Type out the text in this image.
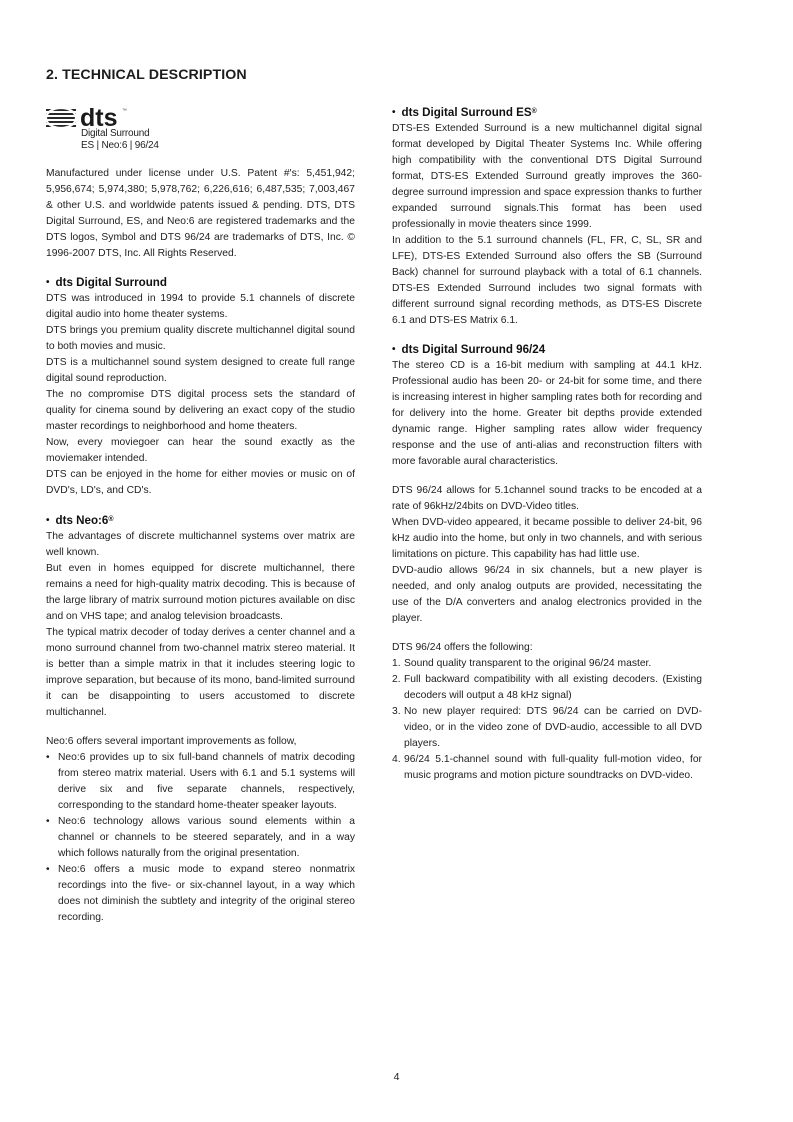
2. TECHNICAL DESCRIPTION
dts ™
Digital Surround
ES | Neo:6 | 96/24

Manufactured under license under U.S. Patent #'s: 5,451,942; 5,956,674; 5,974,380; 5,978,762; 6,226,616; 6,487,535; 7,003,467 & other U.S. and worldwide patents issued & pending. DTS, DTS Digital Surround, ES, and Neo:6 are registered trademarks and the DTS logos, Symbol and DTS 96/24 are trademarks of DTS, Inc. © 1996-2007 DTS, Inc. All Rights Reserved.

• dts Digital Surround

DTS was introduced in 1994 to provide 5.1 channels of discrete digital audio into home theater systems.

DTS brings you premium quality discrete multichannel digital sound to both movies and music.

DTS is a multichannel sound system designed to create full range digital sound reproduction.

The no compromise DTS digital process sets the standard of quality for cinema sound by delivering an exact copy of the studio master recordings to neighborhood and home theaters.

Now, every moviegoer can hear the sound exactly as the moviemaker intended.

DTS can be enjoyed in the home for either movies or music on of DVD's, LD's, and CD's.

• dts Neo:6®

The advantages of discrete multichannel systems over matrix are well known.

But even in homes equipped for discrete multichannel, there remains a need for high-quality matrix decoding. This is because of the large library of matrix surround motion pictures available on disc and on VHS tape; and analog television broadcasts.

The typical matrix decoder of today derives a center channel and a mono surround channel from two-channel matrix stereo material. It is better than a simple matrix in that it includes steering logic to improve separation, but because of its mono, band-limited surround it can be disappointing to users accustomed to discrete multichannel.

Neo:6 offers several important improvements as follow,

• Neo:6 provides up to six full-band channels of matrix decoding from stereo matrix material. Users with 6.1 and 5.1 systems will derive six and five separate channels, respectively, corresponding to the standard home-theater speaker layouts.
• Neo:6 technology allows various sound elements within a channel or channels to be steered separately, and in a way which follows naturally from the original presentation.
• Neo:6 offers a music mode to expand stereo nonmatrix recordings into the five- or six-channel layout, in a way which does not diminish the subtlety and integrity of the original stereo recording.
• dts Digital Surround ES®

DTS-ES Extended Surround is a new multichannel digital signal format developed by Digital Theater Systems Inc. While offering high compatibility with the conventional DTS Digital Surround format, DTS-ES Extended Surround greatly improves the 360-degree surround impression and space expression thanks to further expanded surround signals.This format has been used professionally in movie theaters since 1999.

In addition to the 5.1 surround channels (FL, FR, C, SL, SR and LFE), DTS-ES Extended Surround also offers the SB (Surround Back) channel for surround playback with a total of 6.1 channels. DTS-ES Extended Surround includes two signal formats with different surround signal recording methods, as DTS-ES Discrete 6.1 and DTS-ES Matrix 6.1.

• dts Digital Surround 96/24

The stereo CD is a 16-bit medium with sampling at 44.1 kHz. Professional audio has been 20- or 24-bit for some time, and there is increasing interest in higher sampling rates both for recording and for delivery into the home. Greater bit depths provide extended dynamic range. Higher sampling rates allow wider frequency response and the use of anti-alias and reconstruction filters with more favorable aural characteristics.

DTS 96/24 allows for 5.1channel sound tracks to be encoded at a rate of 96kHz/24bits on DVD-Video titles.

When DVD-video appeared, it became possible to deliver 24-bit, 96 kHz audio into the home, but only in two channels, and with serious limitations on picture. This capability has had little use.

DVD-audio allows 96/24 in six channels, but a new player is needed, and only analog outputs are provided, necessitating the use of the D/A converters and analog electronics provided in the player.

DTS 96/24 offers the following:

1. Sound quality transparent to the original 96/24 master.
2. Full backward compatibility with all existing decoders. (Existing decoders will output a 48 kHz signal)
3. No new player required: DTS 96/24 can be carried on DVD-video, or in the video zone of DVD-audio, accessible to all DVD players.
4. 96/24 5.1-channel sound with full-quality full-motion video, for music programs and motion picture soundtracks on DVD-video.
4
